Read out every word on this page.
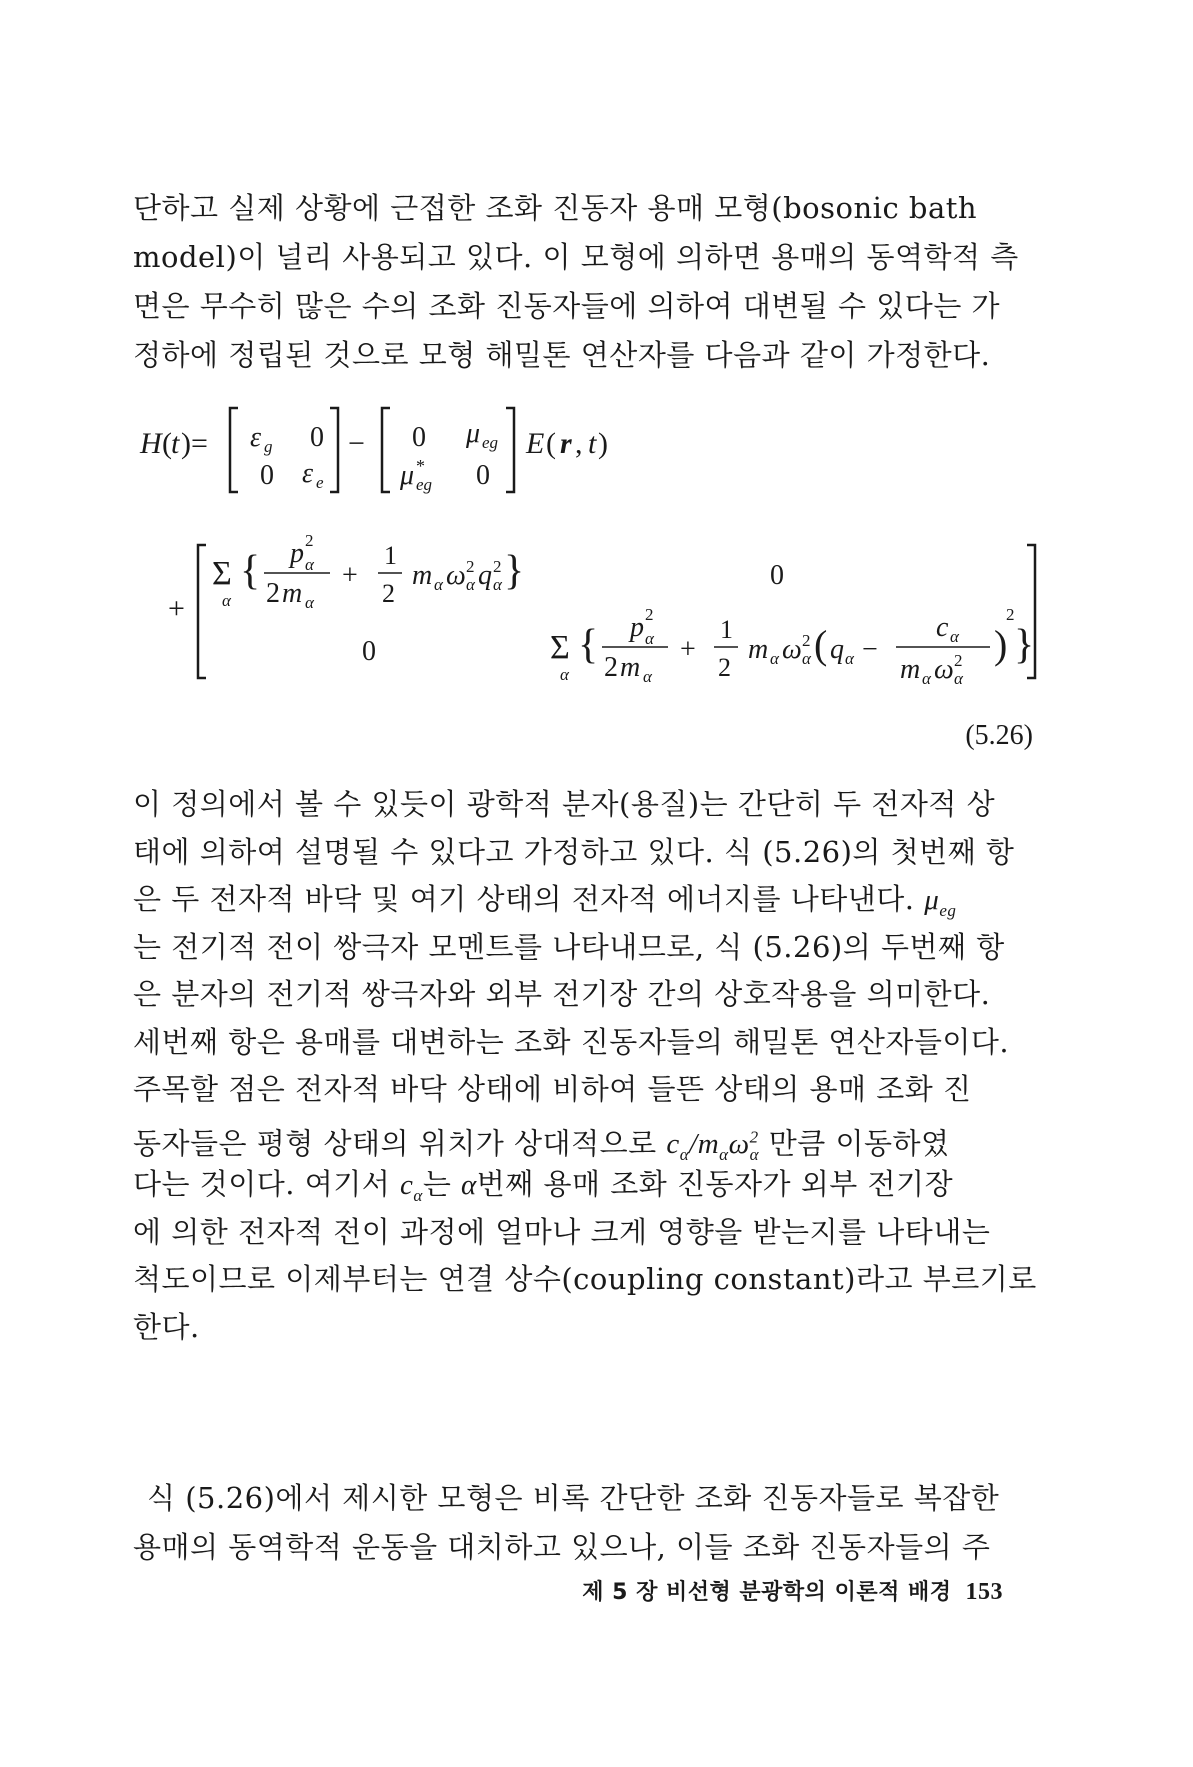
단하고 실제 상황에 근접한 조화 진동자 용매 모형(bosonic bath
model)이 널리 사용되고 있다. 이 모형에 의하면 용매의 동역학적 측
면은 무수히 많은 수의 조화 진동자들에 의하여 대변될 수 있다는 가
정하에 정립된 것으로 모형 해밀톤 연산자를 다음과 같이 가정한다.
H ( t )= ε g 0
0 ε e
− 0 μ eg
μ *
eg 0
E ( r , t )
+
Σ
α
{ p 2
α
2 m α
+
1
2
m α ω 2
α q 2
α }	0
0	Σ
α
{ p 2
α
2 m α
+
1
2
m α ω 2
α ( q α −
c α
m α ω 2
α
)
2
}
(5.26)
이 정의에서 볼 수 있듯이 광학적 분자(용질)는 간단히 두 전자적 상
태에 의하여 설명될 수 있다고 가정하고 있다. 식 (5.26)의 첫번째 항
은 두 전자적 바닥 및 여기 상태의 전자적 에너지를 나타낸다. $\mu_{eg}$
는 전기적 전이 쌍극자 모멘트를 나타내므로, 식 (5.26)의 두번째 항
은 분자의 전기적 쌍극자와 외부 전기장 간의 상호작용을 의미한다.
세번째 항은 용매를 대변하는 조화 진동자들의 해밀톤 연산자들이다.
주목할 점은 전자적 바닥 상태에 비하여 들뜬 상태의 용매 조화 진
동자들은 평형 상태의 위치가 상대적으로 $c_\alpha/m_\alpha\omega^2_\alpha$ 만큼 이동하였
다는 것이다. 여기서 $c_\alpha$는 α번째 용매 조화 진동자가 외부 전기장
에 의한 전자적 전이 과정에 얼마나 크게 영향을 받는지를 나타내는
척도이므로 이제부터는 연결 상수(coupling constant)라고 부르기로
한다.
식 (5.26)에서 제시한 모형은 비록 간단한 조화 진동자들로 복잡한
용매의 동역학적 운동을 대치하고 있으나, 이들 조화 진동자들의 주
제 5 장 비선형 분광학의 이론적 배경 153
